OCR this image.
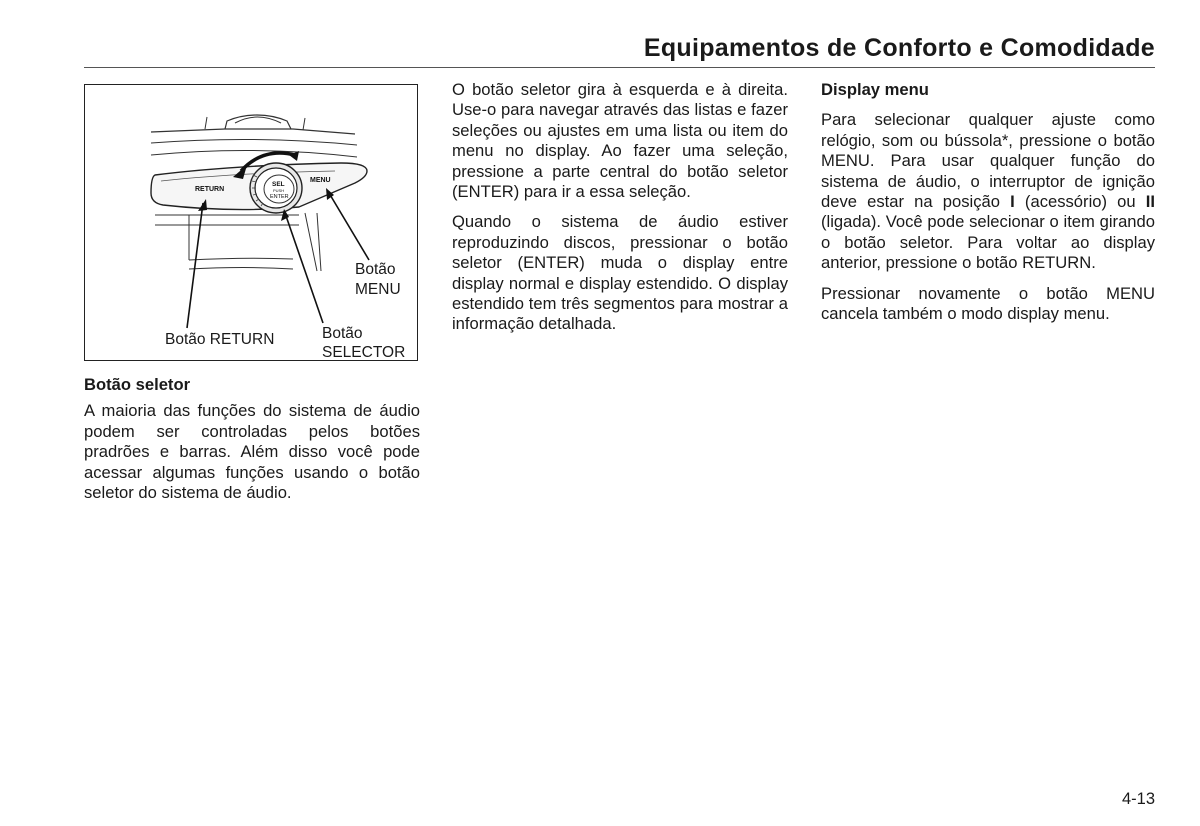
Equipamentos de Conforto e Comodidade
RETURN
MENU
SEL
PUSH
ENTER
Botão
MENU
Botão RETURN	Botão
SELECTOR

Botão seletor

A maioria das funções do sistema de áudio podem ser controladas pelos botões pradrões e barras. Além disso você pode acessar algumas funções usando o botão seletor do sistema de áudio.

O botão seletor gira à esquerda e à direita. Use-o para navegar através das listas e fazer seleções ou ajustes em uma lista ou item do menu no display. Ao fazer uma seleção, pressione a parte central do botão seletor (ENTER) para ir a essa seleção.

Quando o sistema de áudio estiver reproduzindo discos, pressionar o botão seletor (ENTER) muda o display entre display normal e display estendido. O display estendido tem três segmentos para mostrar a informação detalhada.

Display menu

Para selecionar qualquer ajuste como relógio, som ou bússola*, pressione o botão MENU. Para usar qualquer função do sistema de áudio, o interruptor de ignição deve estar na posição I (acessório) ou II (ligada). Você pode selecionar o item girando o botão seletor. Para voltar ao display anterior, pressione o botão RETURN.

Pressionar novamente o botão MENU cancela também o modo display menu.

4-13
